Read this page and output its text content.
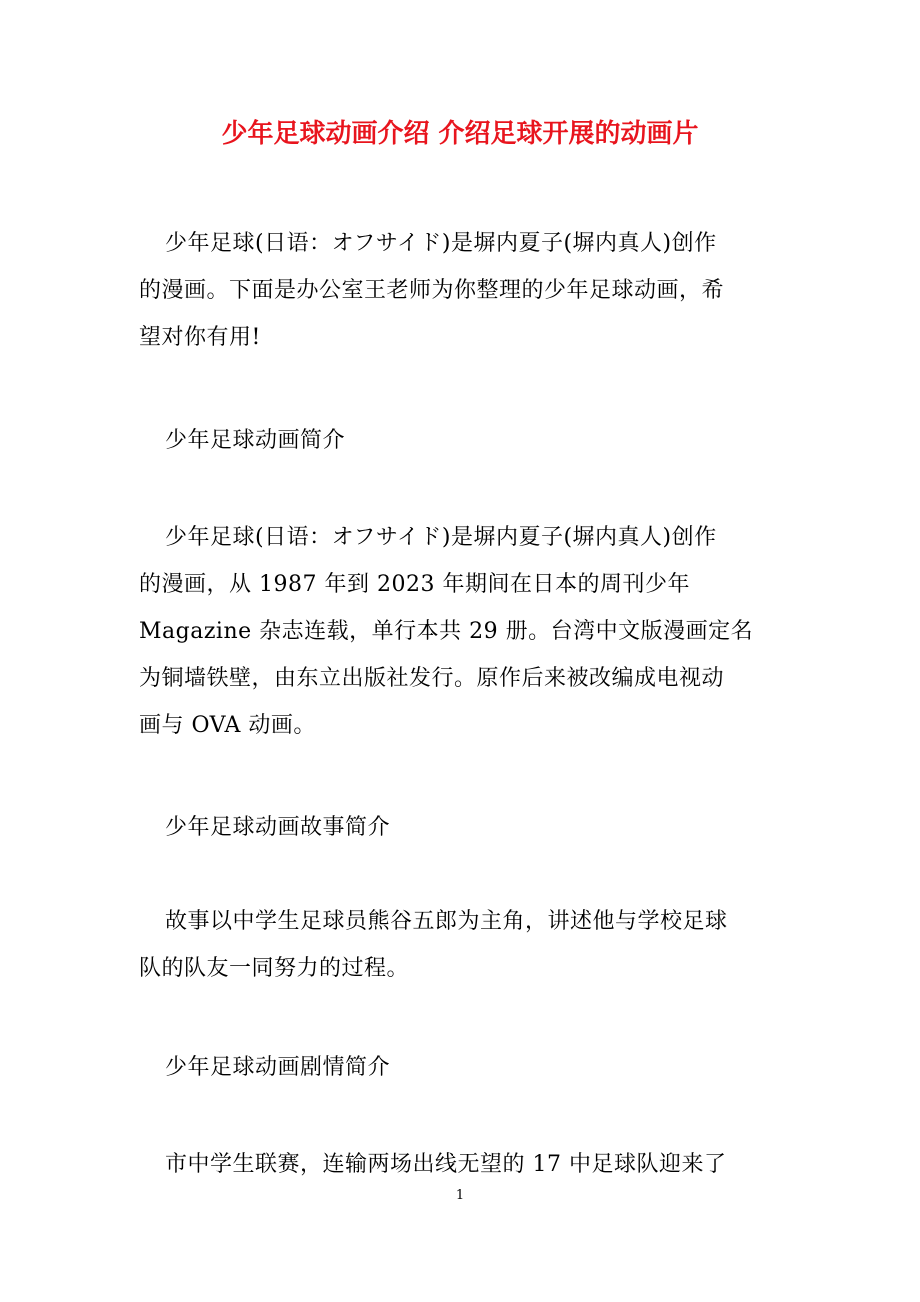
少年足球动画介绍 介绍足球开展的动画片
少年足球(日语：オフサイド)是塀内夏子(塀内真人)创作
的漫画。下面是办公室王老师为你整理的少年足球动画，希
望对你有用!
少年足球动画简介
少年足球(日语：オフサイド)是塀内夏子(塀内真人)创作
的漫画，从 1987 年到 2023 年期间在日本的周刊少年
Magazine 杂志连载，单行本共 29 册。台湾中文版漫画定名
为铜墙铁壁，由东立出版社发行。原作后来被改编成电视动
画与 OVA 动画。
少年足球动画故事简介
故事以中学生足球员熊谷五郎为主角，讲述他与学校足球
队的队友一同努力的过程。
少年足球动画剧情简介
市中学生联赛，连输两场出线无望的 17 中足球队迎来了
1
